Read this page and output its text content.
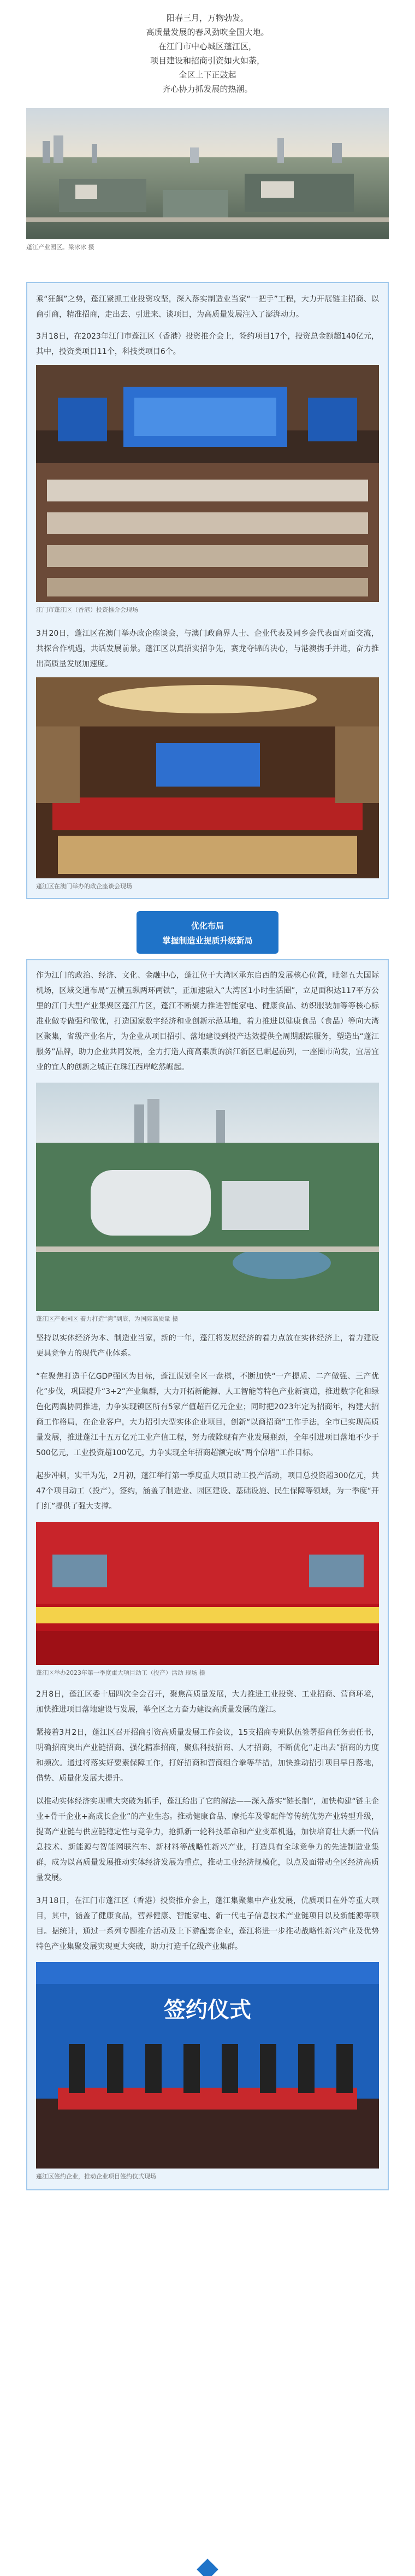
阳春三月，万物勃发。

高质量发展的春风劲吹全国大地。

在江门市中心城区蓬江区，

项目建设和招商引资如火如荼，

全区上下正鼓起

齐心协力抓发展的热潮。

蓬江产业园区。梁冰冰 摄

乘“狂飙”之势，蓬江紧抓工业投资攻坚，深入落实制造业当家“一把手”工程，大力开展链主招商、以商引商，精准招商，走出去、引进来、谈项目，为高质量发展注入了澎湃动力。

3月18日，在2023年江门市蓬江区（香港）投资推介会上，签约项目17个，投资总金额超140亿元，其中，投资类项目11个，科技类项目6个。

江门市蓬江区（香港）投资推介会现场

3月20日，蓬江区在澳门举办政企座谈会，与澳门政商界人士、企业代表及同乡会代表面对面交流，共探合作机遇，共话发展前景。蓬江区以真招实招争先，赛龙夺锦的决心，与港澳携手并进，奋力推出高质量发展加速度。

蓬江区在澳门举办的政企座谈会现场
优化布局
掌握制造业提质升级新局

作为江门的政治、经济、文化、金融中心，蓬江位于大湾区承东启西的发展核心位置，毗邻五大国际机场，区域交通布局“五横五纵两环两铁”，正加速融入“大湾区1小时生活圈”，立足面积达117平方公里的江门大型产业集聚区蓬江片区，蓬江不断聚力推进智能家电、健康食品、纺织服装加等等核心标准业做专做强和做优，打造国家数字经济和业创新示范基地，着力推进以健康食品（食品）等向大湾区聚集，省级产业名片，为企业从项目招引、落地建设到投产达效提供全周期跟踪服务，塑造出“蓬江服务”品牌，助力企业共同发展，全力打造人商高素质的滨江新区已崛起前列，一座圈市尚发，宜居宜业的宜人的创新之城正在珠江西岸屹然崛起。

蓬江区产业园区 着力打造“湾”到底，为国际高质量 摄

坚持以实体经济为本、制造业当家，新的一年，蓬江将发展经济的着力点放在实体经济上，着力建设更具竞争力的现代产业体系。

“在聚焦打造千亿GDP强区为目标，蓬江谋划全区一盘棋，不断加快“一产提质、二产做强、三产优化”步伐，巩固提升“3+2”产业集群，大力开拓新能源、人工智能等特色产业新赛道，推进数字化和绿色化两翼协同推进，力争实现镇区所有5家产值超百亿元企业；同时把2023年定为招商年，构建大招商工作格局，在企业客户，大力招引大型实体企业项目，创新“以商招商”工作手法，全市已实现高质量发展，推进蓬江十五万亿元工业产值工程，努力破除现有产业发展瓶颈，全年引进项目落地不少于500亿元，工业投资超100亿元，力争实现全年招商超额完成“两个倍增”工作目标。

起步冲刺，实干为先，2月初，蓬江举行第一季度重大项目动工投产活动，项目总投资超300亿元，共47个项目动工（投产），签约，涵盖了制造业、园区建设、基础设施、民生保障等领域，为一季度“开门红”提供了强大支撑。

蓬江区举办2023年第一季度重大项目动工（投产）活动 现场 摄

2月8日，蓬江区委十届四次全会召开，聚焦高质量发展，大力推进工业投资、工业招商、营商环境，加快推进项目落地建设与发展，举全区之力奋力建设高质量发展的蓬江。

紧接着3月2日，蓬江区召开招商引资高质量发展工作会议，15支招商专班队伍签署招商任务责任书，明确招商突出产业链招商、强化精准招商，聚焦科技招商、人才招商，不断优化“走出去”招商的力度和频次。通过将落实好要素保障工作，打好招商和营商组合拳等举措，加快推动招引项目早日落地，借势、质量化发展大提升。

以推动实体经济实现重大突破为抓手，蓬江给出了它的解法——深入落实“链长制”，加快构建“链主企业+骨干企业+高成长企业”的产业生态。推动健康食品、摩托车及零配件等传统优势产业转型升级，提高产业链与供应链稳定性与竞争力，抢抓新一轮科技革命和产业变革机遇，加快培育壮大新一代信息技术、新能源与智能网联汽车、新材料等战略性新兴产业，打造具有全球竞争力的先进制造业集群，成为以高质量发展推动实体经济发展为重点，推动工业经济规模化，以点及面带动全区经济高质量发展。

3月18日，在江门市蓬江区（香港）投资推介会上，蓬江集聚集中产业发展，优质项目在外等重大项目，其中，涵盖了健康食品，营养健康、智能家电、新一代电子信息技术产业链项目以及新能源等项目。据统计，通过一系列专题推介活动及上下游配套企业，蓬江将进一步推动战略性新兴产业及优势特色产业集聚发展实现更大突破，助力打造千亿级产业集群。

签约仪式
蓬江区签约企业，推动企业项目签约仪式现场
